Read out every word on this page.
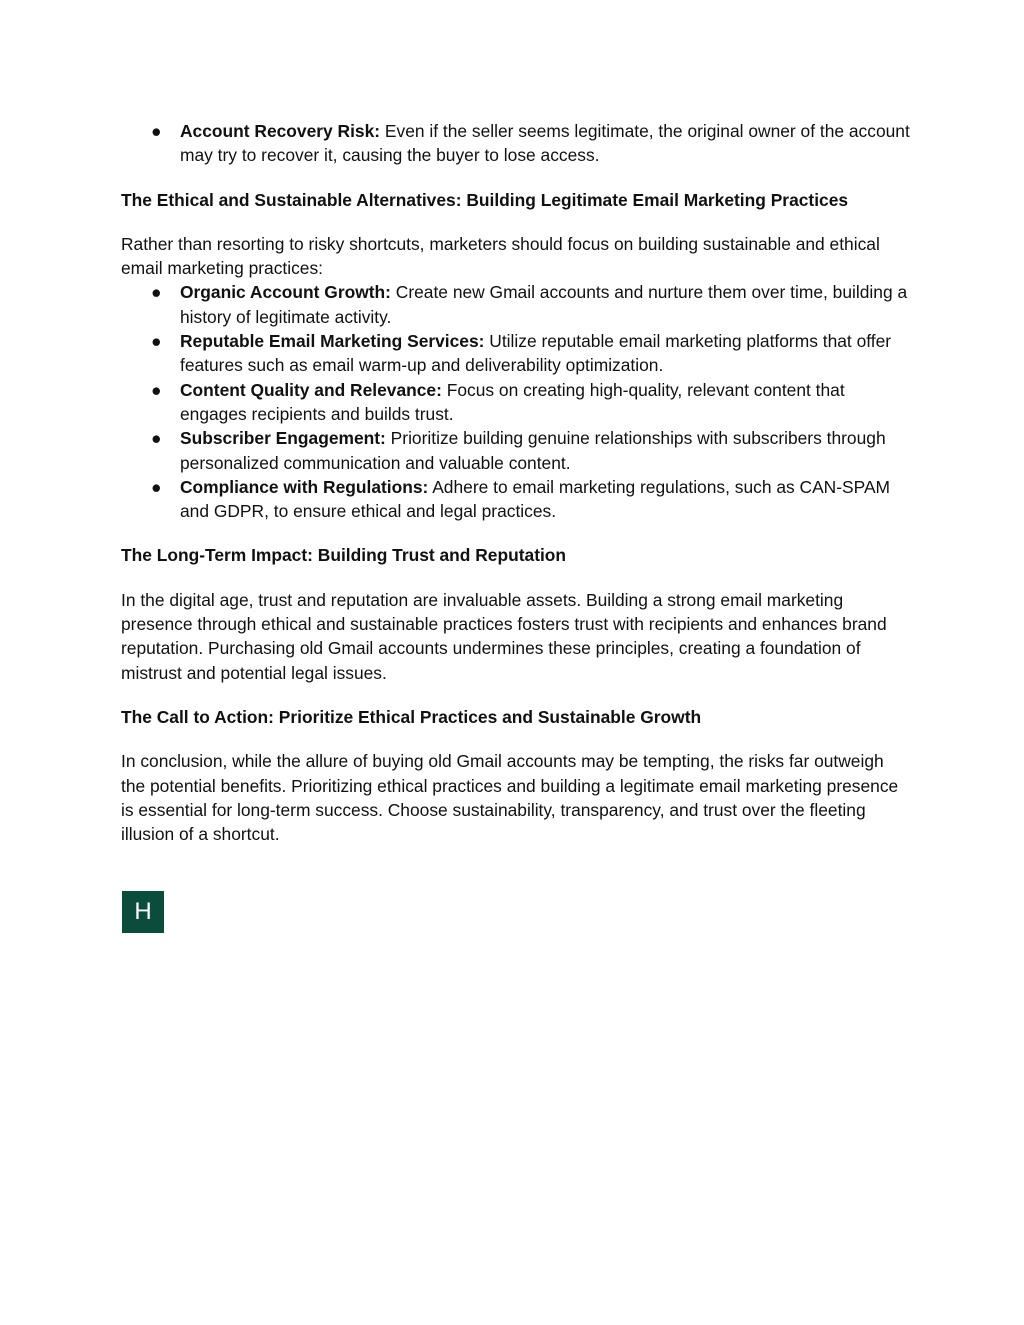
● Account Recovery Risk: Even if the seller seems legitimate, the original owner of the account may try to recover it, causing the buyer to lose access.

The Ethical and Sustainable Alternatives: Building Legitimate Email Marketing Practices

Rather than resorting to risky shortcuts, marketers should focus on building sustainable and ethical email marketing practices:

● Organic Account Growth: Create new Gmail accounts and nurture them over time, building a history of legitimate activity.
● Reputable Email Marketing Services: Utilize reputable email marketing platforms that offer features such as email warm-up and deliverability optimization.
● Content Quality and Relevance: Focus on creating high-quality, relevant content that engages recipients and builds trust.
● Subscriber Engagement: Prioritize building genuine relationships with subscribers through personalized communication and valuable content.
● Compliance with Regulations: Adhere to email marketing regulations, such as CAN-SPAM and GDPR, to ensure ethical and legal practices.

The Long-Term Impact: Building Trust and Reputation

In the digital age, trust and reputation are invaluable assets. Building a strong email marketing presence through ethical and sustainable practices fosters trust with recipients and enhances brand reputation. Purchasing old Gmail accounts undermines these principles, creating a foundation of mistrust and potential legal issues.

The Call to Action: Prioritize Ethical Practices and Sustainable Growth

In conclusion, while the allure of buying old Gmail accounts may be tempting, the risks far outweigh the potential benefits. Prioritizing ethical practices and building a legitimate email marketing presence is essential for long-term success. Choose sustainability, transparency, and trust over the fleeting illusion of a shortcut.

H
